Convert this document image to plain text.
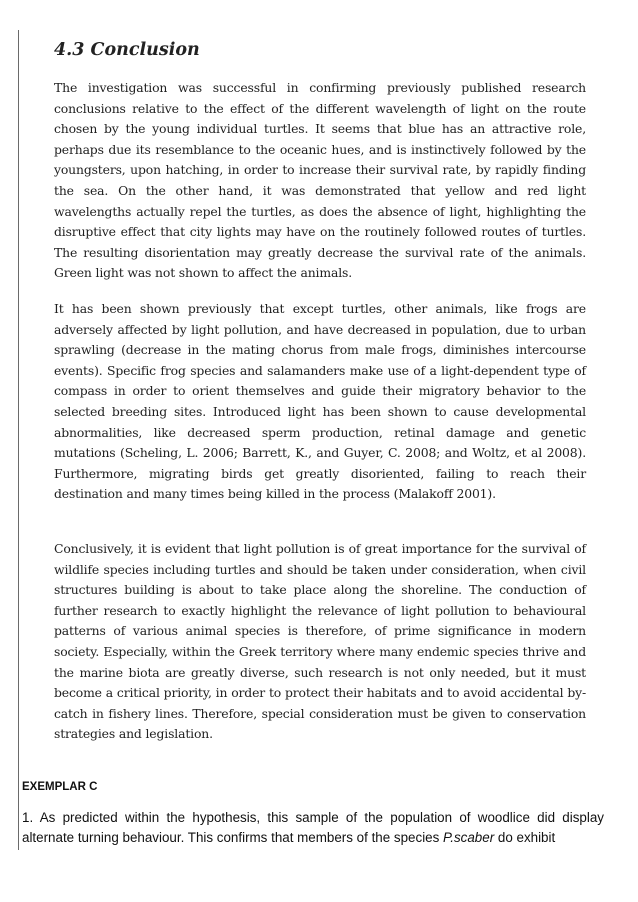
4.3 Conclusion

The investigation was successful in confirming previously published research conclusions relative to the effect of the different wavelength of light on the route chosen by the young individual turtles. It seems that blue has an attractive role, perhaps due its resemblance to the oceanic hues, and is instinctively followed by the youngsters, upon hatching, in order to increase their survival rate, by rapidly finding the sea. On the other hand, it was demonstrated that yellow and red light wavelengths actually repel the turtles, as does the absence of light, highlighting the disruptive effect that city lights may have on the routinely followed routes of turtles. The resulting disorientation may greatly decrease the survival rate of the animals. Green light was not shown to affect the animals.

It has been shown previously that except turtles, other animals, like frogs are adversely affected by light pollution, and have decreased in population, due to urban sprawling (decrease in the mating chorus from male frogs, diminishes intercourse events). Specific frog species and salamanders make use of a light-dependent type of compass in order to orient themselves and guide their migratory behavior to the selected breeding sites. Introduced light has been shown to cause developmental abnormalities, like decreased sperm production, retinal damage and genetic mutations (Scheling, L. 2006; Barrett, K., and Guyer, C. 2008; and Woltz, et al 2008). Furthermore, migrating birds get greatly disoriented, failing to reach their destination and many times being killed in the process (Malakoff 2001).

Conclusively, it is evident that light pollution is of great importance for the survival of wildlife species including turtles and should be taken under consideration, when civil structures building is about to take place along the shoreline. The conduction of further research to exactly highlight the relevance of light pollution to behavioural patterns of various animal species is therefore, of prime significance in modern society. Especially, within the Greek territory where many endemic species thrive and the marine biota are greatly diverse, such research is not only needed, but it must become a critical priority, in order to protect their habitats and to avoid accidental by-catch in fishery lines. Therefore, special consideration must be given to conservation strategies and legislation.

EXEMPLAR C

1. As predicted within the hypothesis, this sample of the population of woodlice did display alternate turning behaviour. This confirms that members of the species P.scaber do exhibit
